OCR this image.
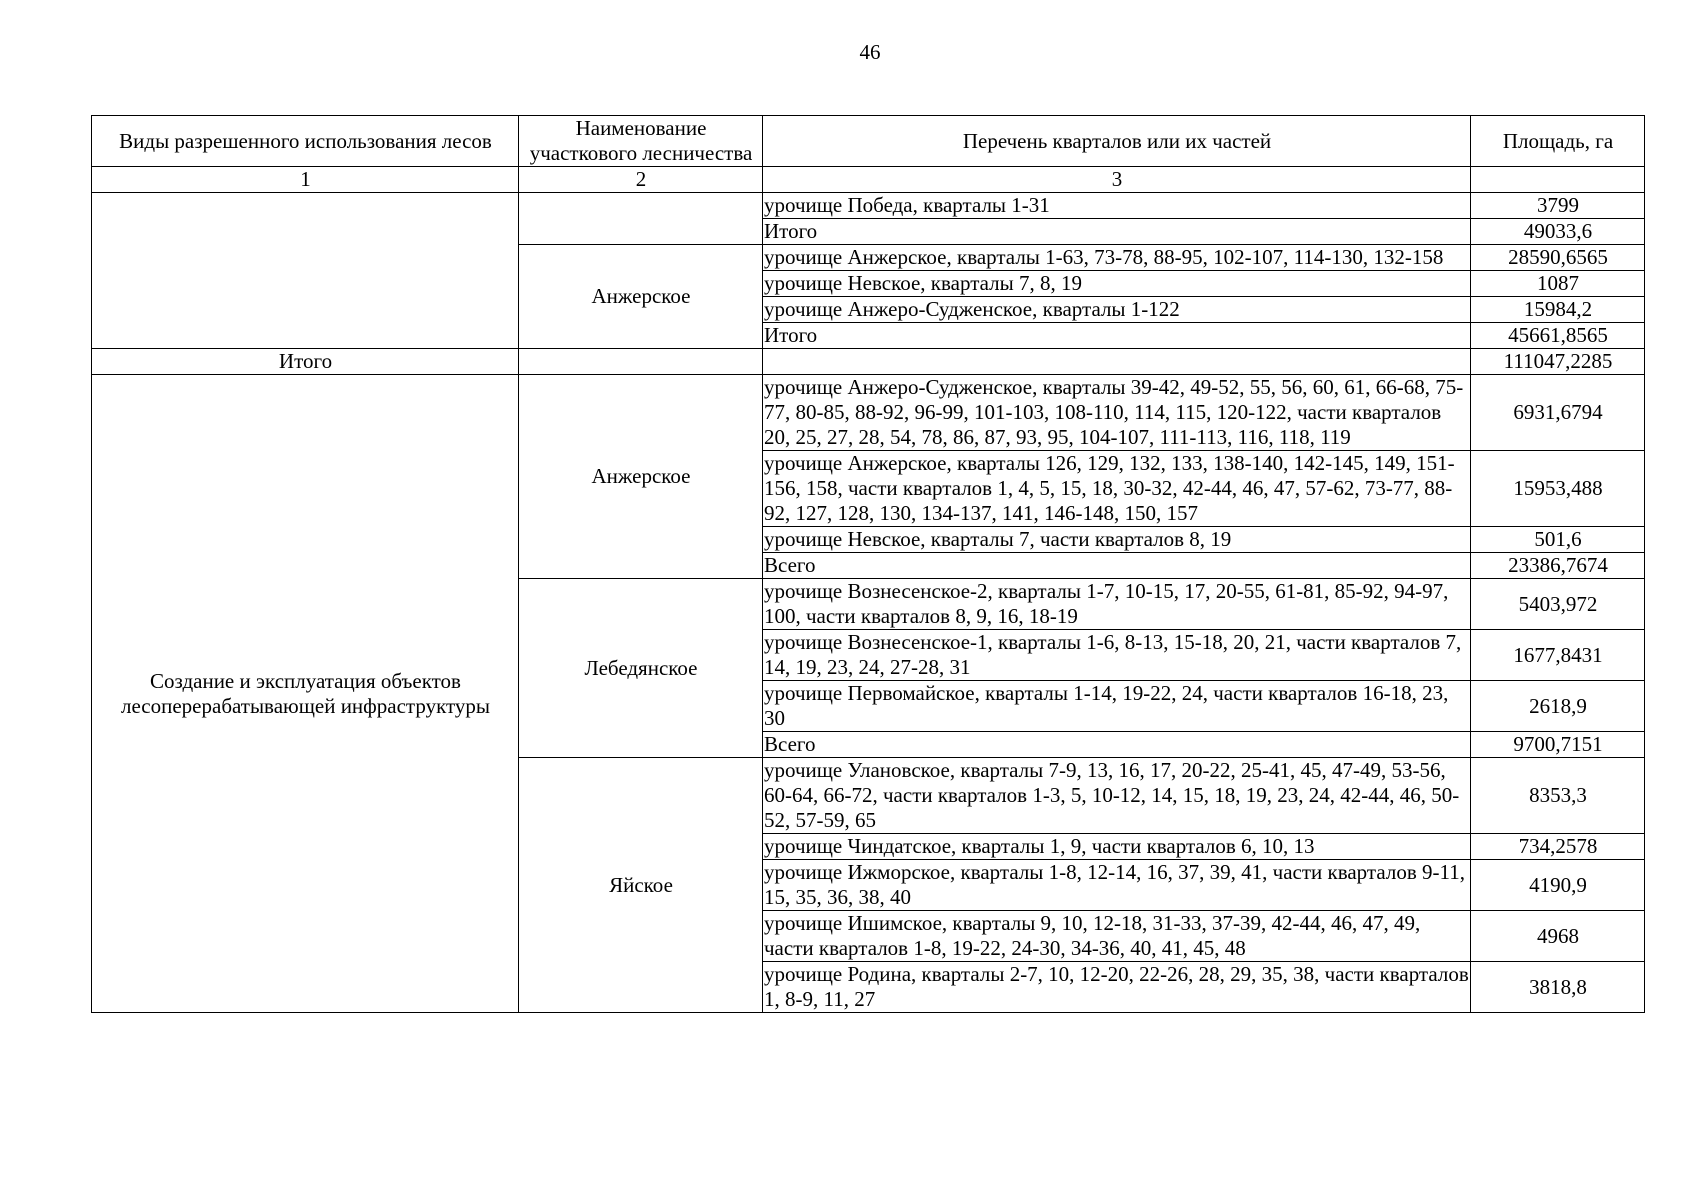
46
Виды разрешенного использования лесов	Наименование участкового лесничества	Перечень кварталов или их частей	Площадь, га
1	2	3	
		урочище Победа, кварталы 1-31	3799
		Итого	49033,6
	Анжерское	урочище Анжерское, кварталы 1-63, 73-78, 88-95, 102-107, 114-130, 132-158	28590,6565
		урочище Невское, кварталы 7, 8, 19	1087
		урочище Анжеро-Судженское, кварталы 1-122	15984,2
		Итого	45661,8565
Итого			111047,2285
Создание и эксплуатация объектов лесоперерабатывающей инфраструктуры	Анжерское	урочище Анжеро-Судженское, кварталы 39-42, 49-52, 55, 56, 60, 61, 66-68, 75-77, 80-85, 88-92, 96-99, 101-103, 108-110, 114, 115, 120-122, части кварталов 20, 25, 27, 28, 54, 78, 86, 87, 93, 95, 104-107, 111-113, 116, 118, 119	6931,6794
		урочище Анжерское, кварталы 126, 129, 132, 133, 138-140, 142-145, 149, 151-156, 158, части кварталов 1, 4, 5, 15, 18, 30-32, 42-44, 46, 47, 57-62, 73-77, 88-92, 127, 128, 130, 134-137, 141, 146-148, 150, 157	15953,488
		урочище Невское, кварталы 7, части кварталов 8, 19	501,6
		Всего	23386,7674
	Лебедянское	урочище Вознесенское-2, кварталы 1-7, 10-15, 17, 20-55, 61-81, 85-92, 94-97, 100, части кварталов 8, 9, 16, 18-19	5403,972
		урочище Вознесенское-1, кварталы 1-6, 8-13, 15-18, 20, 21, части кварталов 7, 14, 19, 23, 24, 27-28, 31	1677,8431
		урочище Первомайское, кварталы 1-14, 19-22, 24, части кварталов 16-18, 23, 30	2618,9
		Всего	9700,7151
	Яйское	урочище Улановское, кварталы 7-9, 13, 16, 17, 20-22, 25-41, 45, 47-49, 53-56, 60-64, 66-72, части кварталов 1-3, 5, 10-12, 14, 15, 18, 19, 23, 24, 42-44, 46, 50-52, 57-59, 65	8353,3
		урочище Чиндатское, кварталы 1, 9, части кварталов 6, 10, 13	734,2578
		урочище Ижморское, кварталы 1-8, 12-14, 16, 37, 39, 41, части кварталов 9-11, 15, 35, 36, 38, 40	4190,9
		урочище Ишимское, кварталы 9, 10, 12-18, 31-33, 37-39, 42-44, 46, 47, 49, части кварталов 1-8, 19-22, 24-30, 34-36, 40, 41, 45, 48	4968
		урочище Родина, кварталы 2-7, 10, 12-20, 22-26, 28, 29, 35, 38, части кварталов 1, 8-9, 11, 27	3818,8
